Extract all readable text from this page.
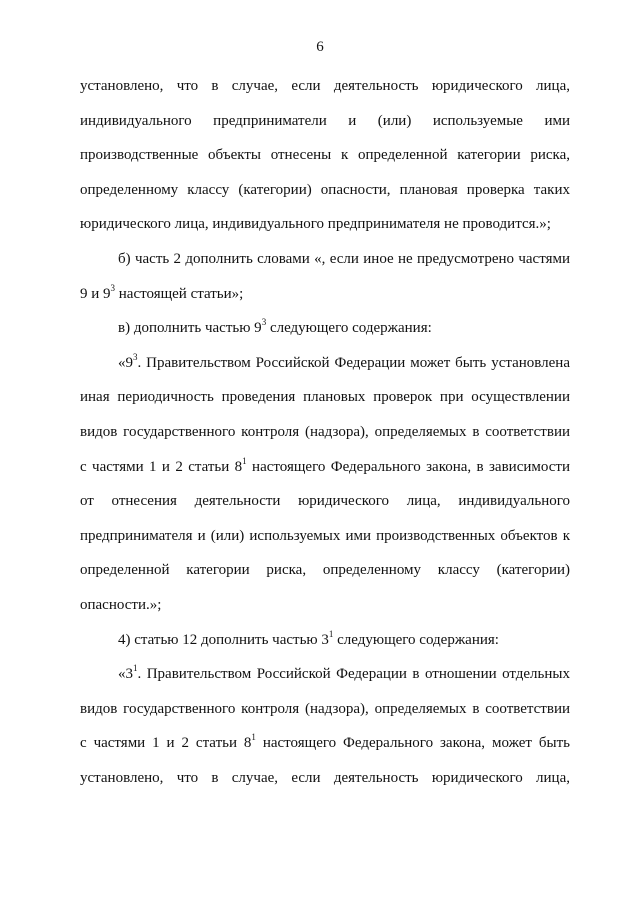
6
установлено, что в случае, если деятельность юридического лица,
индивидуального предприниматели и (или) используемые ими
производственные объекты отнесены к определенной категории риска,
определенному классу (категории) опасности, плановая проверка таких
юридического лица, индивидуального предпринимателя не проводится.»;
б) часть 2 дополнить словами «, если иное не предусмотрено частями
9 и $9^3$ настоящей статьи»;
в) дополнить частью $9^3$ следующего содержания:
«$9^3$. Правительством Российской Федерации может быть установлена
иная периодичность проведения плановых проверок при осуществлении
видов государственного контроля (надзора), определяемых в соответствии
с частями 1 и 2 статьи $8^1$ настоящего Федерального закона, в зависимости
от отнесения деятельности юридического лица, индивидуального
предпринимателя и (или) используемых ими производственных объектов к
определенной категории риска, определенному классу (категории)
опасности.»;
4) статью 12 дополнить частью $3^1$ следующего содержания:
«$3^1$. Правительством Российской Федерации в отношении отдельных
видов государственного контроля (надзора), определяемых в соответствии
с частями 1 и 2 статьи $8^1$ настоящего Федерального закона, может быть
установлено, что в случае, если деятельность юридического лица,
